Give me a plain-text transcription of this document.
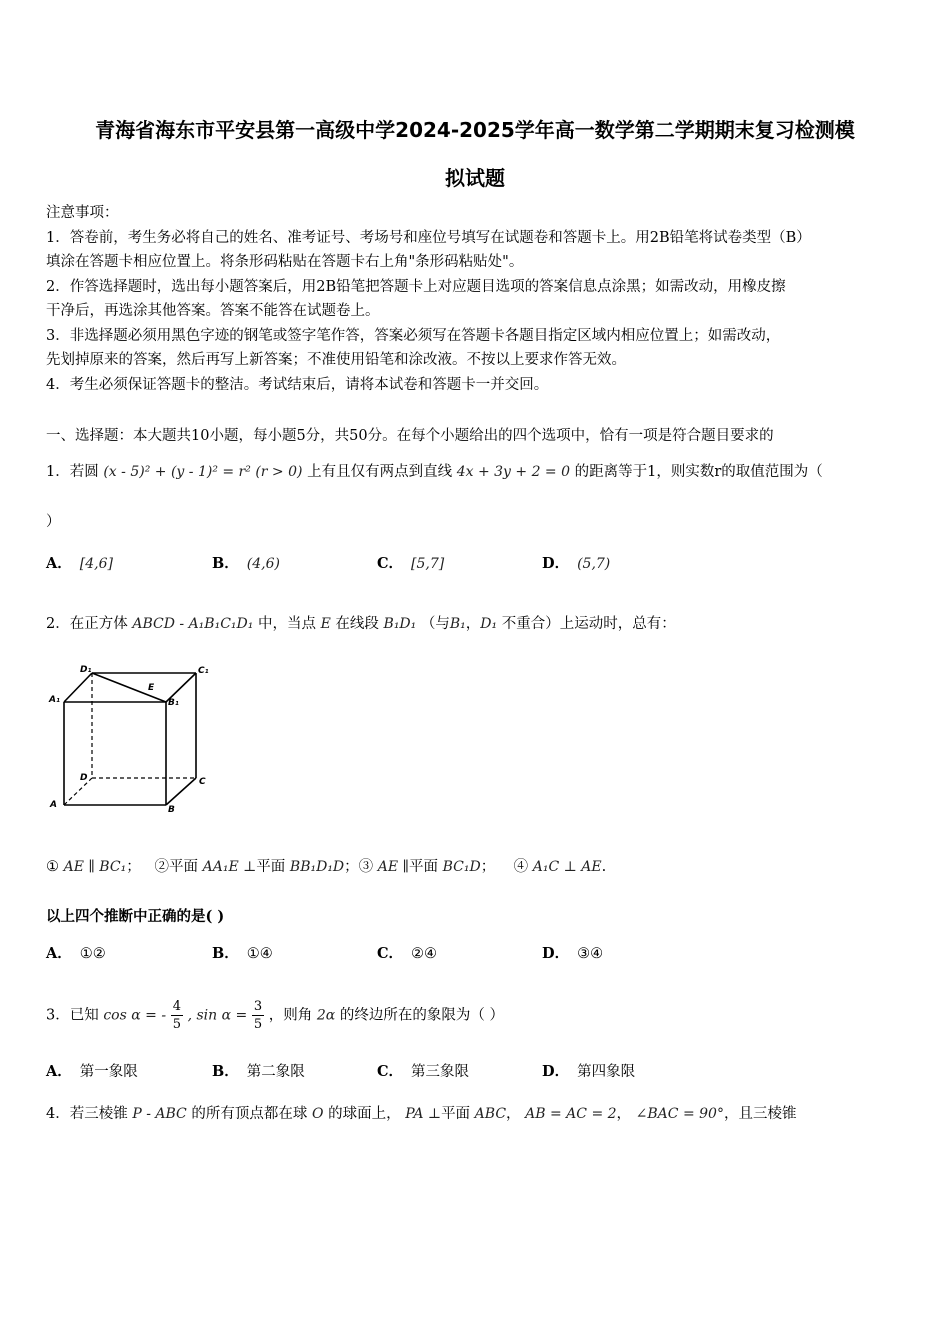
青海省海东市平安县第一高级中学2024-2025学年高一数学第二学期期末复习检测模
拟试题
注意事项：
1．答卷前，考生务必将自己的姓名、准考证号、考场号和座位号填写在试题卷和答题卡上。用2B铅笔将试卷类型（B）
填涂在答题卡相应位置上。将条形码粘贴在答题卡右上角"条形码粘贴处"。
2．作答选择题时，选出每小题答案后，用2B铅笔把答题卡上对应题目选项的答案信息点涂黑；如需改动，用橡皮擦
干净后，再选涂其他答案。答案不能答在试题卷上。
3．非选择题必须用黑色字迹的钢笔或签字笔作答，答案必须写在答题卡各题目指定区域内相应位置上；如需改动，
先划掉原来的答案，然后再写上新答案；不准使用铅笔和涂改液。不按以上要求作答无效。
4．考生必须保证答题卡的整洁。考试结束后，请将本试卷和答题卡一并交回。
一、选择题：本大题共10小题，每小题5分，共50分。在每个小题给出的四个选项中，恰有一项是符合题目要求的
1．若圆 (x - 5)² + (y - 1)² = r² (r > 0) 上有且仅有两点到直线 4x + 3y + 2 = 0 的距离等于1，则实数r的取值范围为（
）
A． [4,6]	B． (4,6)	C． [5,7]	D． (5,7)
2．在正方体 ABCD - A₁B₁C₁D₁ 中，当点 E 在线段 B₁D₁ （与B₁，D₁ 不重合）上运动时，总有：
D₁	C₁
A₁	B₁
E
D	C
A	B
① AE ∥ BC₁； ②平面 AA₁E ⊥平面 BB₁D₁D；③ AE ∥平面 BC₁D； ④ A₁C ⊥ AE.
以上四个推断中正确的是( )
A． ①②	B． ①④	C． ②④	D． ③④
3．已知 cos α = - $\frac{4}{5}$ , $\sin \alpha = \frac{3}{5}$ ，则角 2α 的终边所在的象限为（ ）
A． 第一象限	B． 第二象限	C． 第三象限	D． 第四象限
4．若三棱锥 P - ABC 的所有顶点都在球 O 的球面上， PA ⊥平面 ABC， AB = AC = 2， ∠BAC = 90°，且三棱锥
